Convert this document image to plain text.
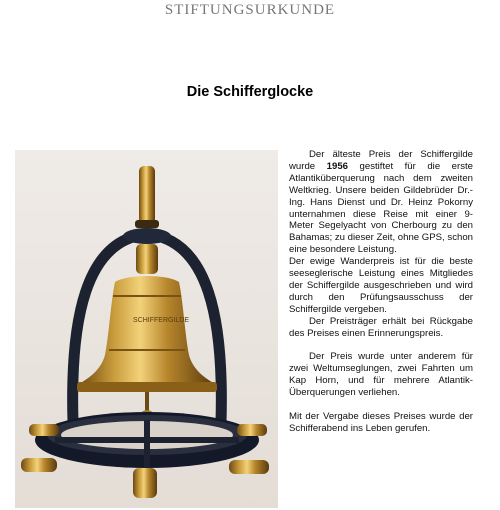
STIFTUNGSURKUNDE
Die Schifferglocke
SCHIFFERGILDE

Der älteste Preis der Schiffergilde wurde 1956 gestiftet für die erste Atlantiküberquerung nach dem zweiten Weltkrieg. Unsere beiden Gildebrüder Dr.-Ing. Hans Dienst und Dr. Heinz Pokorny unternahmen diese Reise mit einer 9-Meter Segelyacht von Cherbourg zu den Bahamas; zu dieser Zeit, ohne GPS, schon eine besondere Leistung.

Der ewige Wanderpreis ist für die beste seeseglerische Leistung eines Mitgliedes der Schiffergilde ausgeschrieben und wird durch den Prüfungsausschuss der Schiffergilde vergeben.

Der Preisträger erhält bei Rückgabe des Preises einen Erinnerungspreis.

Der Preis wurde unter anderem für zwei Weltumseglungen, zwei Fahrten um Kap Horn, und für mehrere Atlantik-Überquerungen verliehen.

Mit der Vergabe dieses Preises wurde der Schifferabend ins Leben gerufen.
